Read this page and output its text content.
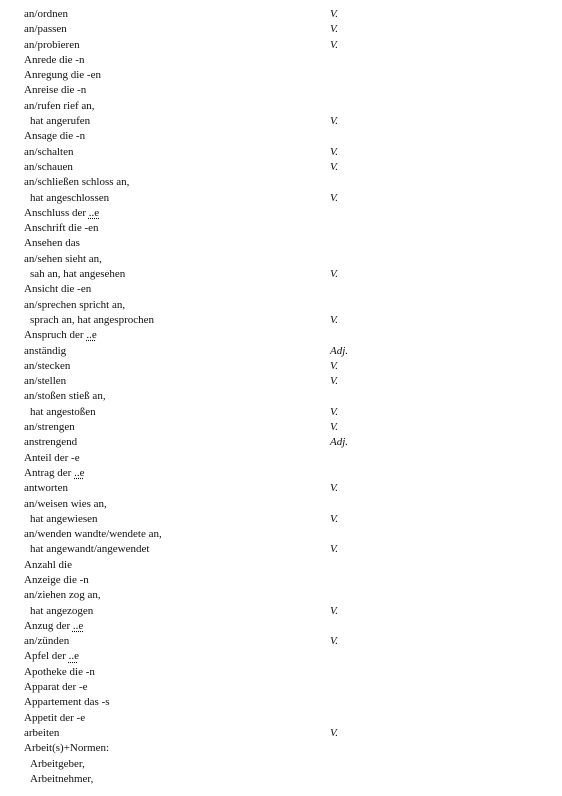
an/ordnen	V.
an/passen	V.
an/probieren	V.
Anrede die -n
Anregung die -en
Anreise die -n
an/rufen rief an,
hat angerufen	V.
Ansage die -n
an/schalten	V.
an/schauen	V.
an/schließen schloss an,
hat angeschlossen	V.
Anschluss der ..e
Anschrift die -en
Ansehen das
an/sehen sieht an,
sah an, hat angesehen	V.
Ansicht die -en
an/sprechen spricht an,
sprach an, hat angesprochen	V.
Anspruch der ..e
anständig	Adj.
an/stecken	V.
an/stellen	V.
an/stoßen stieß an,
hat angestoßen	V.
an/strengen	V.
anstrengend	Adj.
Anteil der -e
Antrag der ..e
antworten	V.
an/weisen wies an,
hat angewiesen	V.
an/wenden wandte/wendete an,
hat angewandt/angewendet	V.
Anzahl die
Anzeige die -n
an/ziehen zog an,
hat angezogen	V.
Anzug der ..e
an/zünden	V.
Apfel der ..e
Apotheke die -n
Apparat der -e
Appartement das -s
Appetit der -e
arbeiten	V.
Arbeit(s)+Normen:
Arbeitgeber,
Arbeitnehmer,
